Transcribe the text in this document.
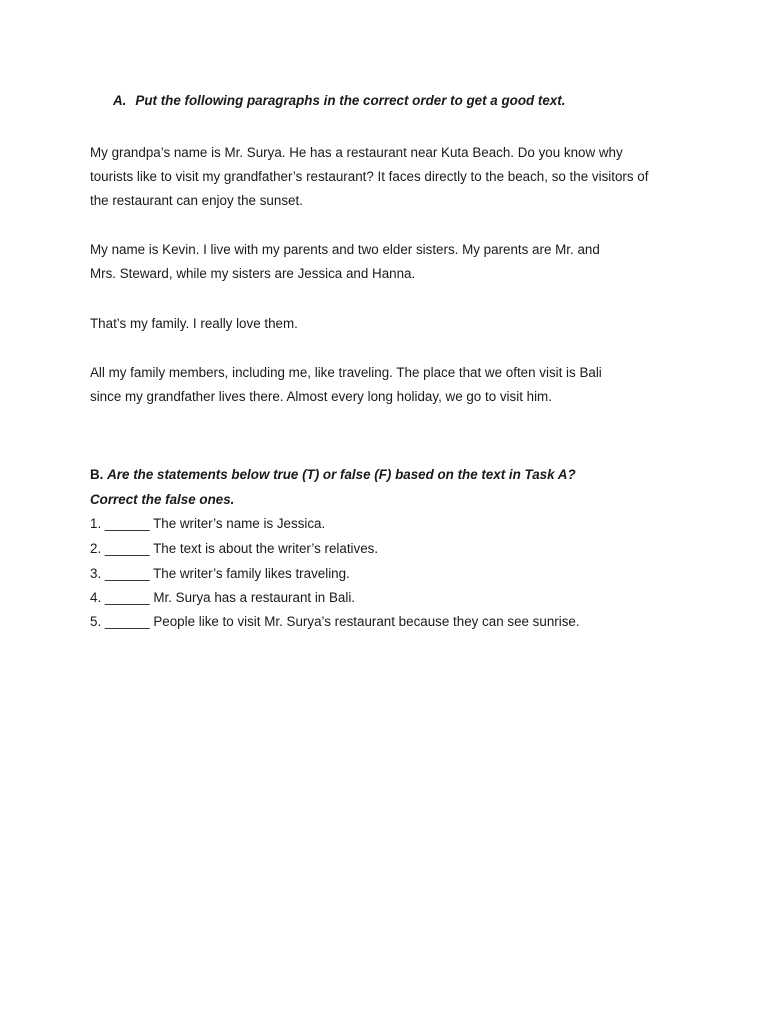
A. Put the following paragraphs in the correct order to get a good text.
My grandpa’s name is Mr. Surya. He has a restaurant near Kuta Beach. Do you know why
tourists like to visit my grandfather’s restaurant? It faces directly to the beach, so the visitors of
the restaurant can enjoy the sunset.
My name is Kevin. I live with my parents and two elder sisters. My parents are Mr. and
Mrs. Steward, while my sisters are Jessica and Hanna.
That’s my family. I really love them.
All my family members, including me, like traveling. The place that we often visit is Bali
since my grandfather lives there. Almost every long holiday, we go to visit him.
B. Are the statements below true (T) or false (F) based on the text in Task A?
Correct the false ones.
1. ______ The writer’s name is Jessica.
2. ______ The text is about the writer’s relatives.
3. ______ The writer’s family likes traveling.
4. ______ Mr. Surya has a restaurant in Bali.
5. ______ People like to visit Mr. Surya’s restaurant because they can see sunrise.
